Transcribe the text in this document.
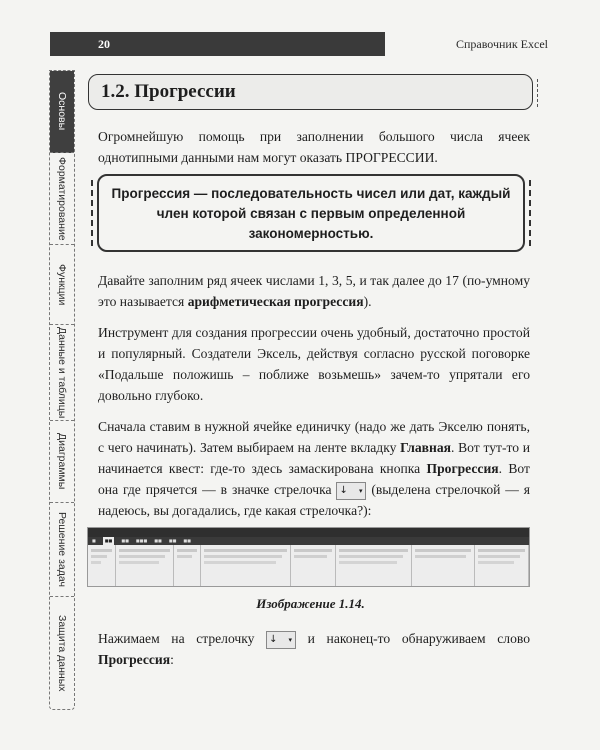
20	Справочник Excel
Основы
Форматирование
Функции
Данные и таблицы
Диаграммы
Решение задач
Защита данных
1.2. Прогрессии
Огромнейшую помощь при заполнении большого числа ячеек однотипными данными нам могут оказать ПРОГРЕССИИ.
Прогрессия — последовательность чисел или дат, каждый член которой связан с первым определенной закономерностью.
Давайте заполним ряд ячеек числами 1, 3, 5, и так далее до 17 (по-умному это называется арифметическая прогрессия).
Инструмент для создания прогрессии очень удобный, достаточно простой и популярный. Создатели Эксель, действуя согласно русской поговорке «Подальше положишь – поближе возьмешь» зачем-то упрятали его довольно глубоко.
Сначала ставим в нужной ячейке единичку (надо же дать Экселю понять, с чего начинать). Затем выбираем на ленте вкладку Главная. Вот тут-то и начинается квест: где-то здесь замаскирована кнопка Прогрессия. Вот она где прячется — в значке стрелочка ↓ ▾ (выделена стрелочкой — я надеюсь, вы догадались, где какая стрелочка?):
■	■■	■■ ■■■ ■■ ■■ ■■
Изображение 1.14.
Нажимаем на стрелочку ↓ ▾ и наконец-то обнаруживаем слово Прогрессия:
